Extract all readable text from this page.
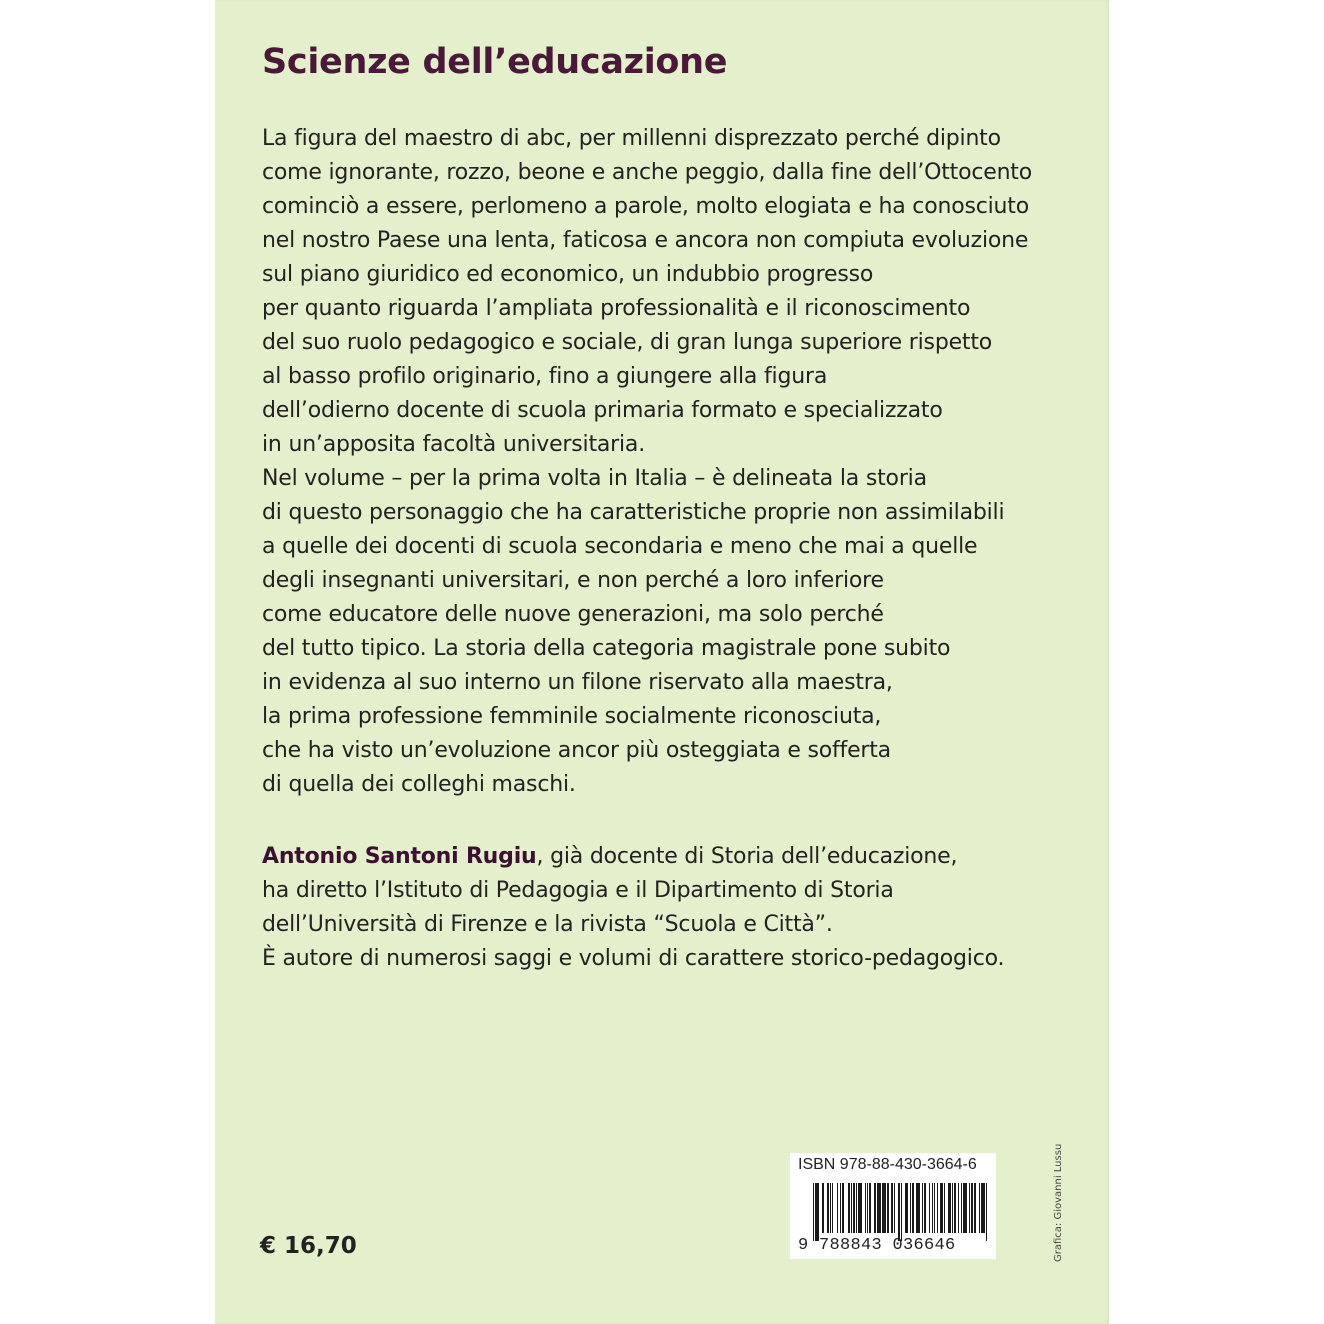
Scienze dell’educazione
La figura del maestro di abc, per millenni disprezzato perché dipinto
come ignorante, rozzo, beone e anche peggio, dalla fine dell’Ottocento
cominciò a essere, perlomeno a parole, molto elogiata e ha conosciuto
nel nostro Paese una lenta, faticosa e ancora non compiuta evoluzione
sul piano giuridico ed economico, un indubbio progresso
per quanto riguarda l’ampliata professionalità e il riconoscimento
del suo ruolo pedagogico e sociale, di gran lunga superiore rispetto
al basso profilo originario, fino a giungere alla figura
dell’odierno docente di scuola primaria formato e specializzato
in un’apposita facoltà universitaria.
Nel volume – per la prima volta in Italia – è delineata la storia
di questo personaggio che ha caratteristiche proprie non assimilabili
a quelle dei docenti di scuola secondaria e meno che mai a quelle
degli insegnanti universitari, e non perché a loro inferiore
come educatore delle nuove generazioni, ma solo perché
del tutto tipico. La storia della categoria magistrale pone subito
in evidenza al suo interno un filone riservato alla maestra,
la prima professione femminile socialmente riconosciuta,
che ha visto un’evoluzione ancor più osteggiata e sofferta
di quella dei colleghi maschi.
Antonio Santoni Rugiu, già docente di Storia dell’educazione,
ha diretto l’Istituto di Pedagogia e il Dipartimento di Storia
dell’Università di Firenze e la rivista “Scuola e Città”.
È autore di numerosi saggi e volumi di carattere storico-pedagogico.
€ 16,70
ISBN 978-88-430-3664-6
9 788843 036646	Grafica: Giovanni Lussu
